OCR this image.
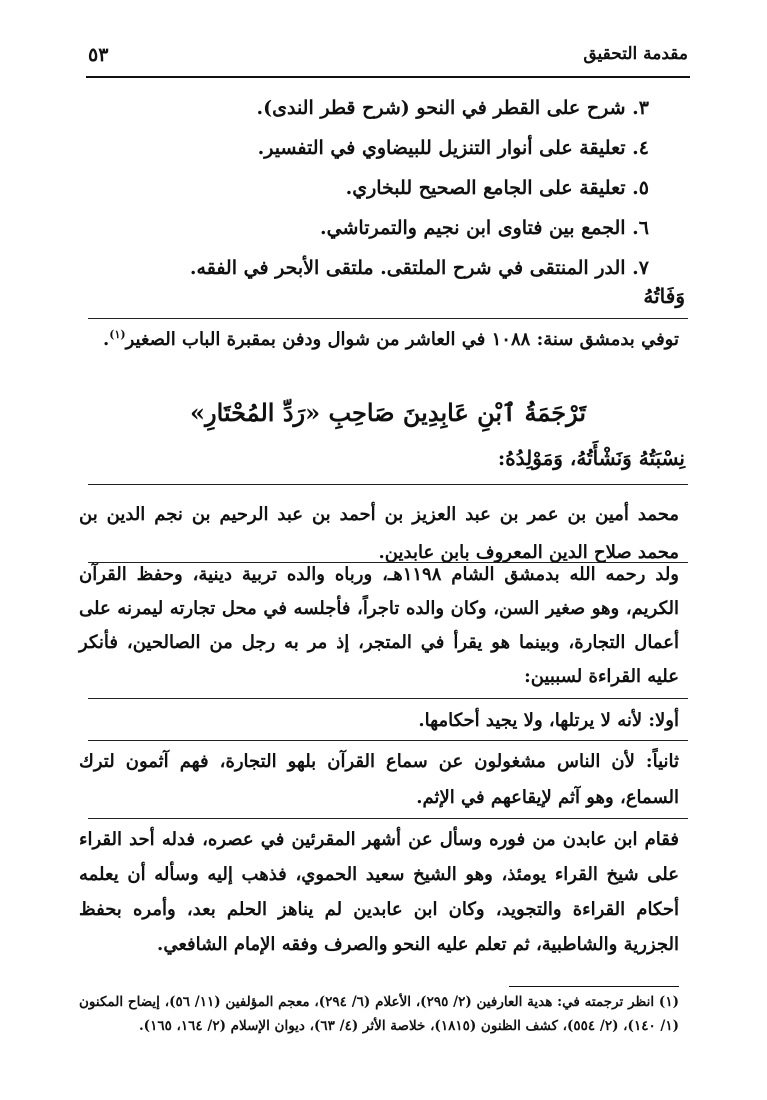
مقدمة التحقيق
٥٣
٣. شرح على القطر في النحو (شرح قطر الندى).
٤. تعليقة على أنوار التنزيل للبيضاوي في التفسير.
٥. تعليقة على الجامع الصحيح للبخاري.
٦. الجمع بين فتاوى ابن نجيم والتمرتاشي.
٧. الدر المنتقى في شرح الملتقى. ملتقى الأبحر في الفقه.
وَفَاتُهُ

توفي بدمشق سنة: ١٠٨٨ في العاشر من شوال ودفن بمقبرة الباب الصغير$^{(١)}$.

تَرْجَمَةُ ٱبْنِ عَابِدِينَ صَاحِبِ «رَدِّ المُحْتَارِ»
نِسْبَتُهُ وَنَشْأَتُهُ، وَمَوْلِدُهُ:

محمد أمين بن عمر بن عبد العزيز بن أحمد بن عبد الرحيم بن نجم الدين بن محمد صلاح الدين المعروف بابن عابدين.

ولد رحمه الله بدمشق الشام ١١٩٨هـ، ورباه والده تربية دينية، وحفظ القرآن الكريم، وهو صغير السن، وكان والده تاجراً، فأجلسه في محل تجارته ليمرنه على أعمال التجارة، وبينما هو يقرأ في المتجر، إذ مر به رجل من الصالحين، فأنكر عليه القراءة لسببين:

أولا: لأنه لا يرتلها، ولا يجيد أحكامها.

ثانياً: لأن الناس مشغولون عن سماع القرآن بلهو التجارة، فهم آثمون لترك السماع، وهو آثم لإيقاعهم في الإثم.

فقام ابن عابدن من فوره وسأل عن أشهر المقرئين في عصره، فدله أحد القراء على شيخ القراء يومئذ، وهو الشيخ سعيد الحموي، فذهب إليه وسأله أن يعلمه أحكام القراءة والتجويد، وكان ابن عابدين لم يناهز الحلم بعد، وأمره بحفظ الجزرية والشاطبية، ثم تعلم عليه النحو والصرف وفقه الإمام الشافعي.

(١) انظر ترجمته في: هدية العارفين (٢/ ٢٩٥)، الأعلام (٦/ ٢٩٤)، معجم المؤلفين (١١/ ٥٦)، إيضاح المكنون (١/ ١٤٠)، (٢/ ٥٥٤)، كشف الظنون (١٨١٥)، خلاصة الأثر (٤/ ٦٣)، ديوان الإسلام (٢/ ١٦٤، ١٦٥).
